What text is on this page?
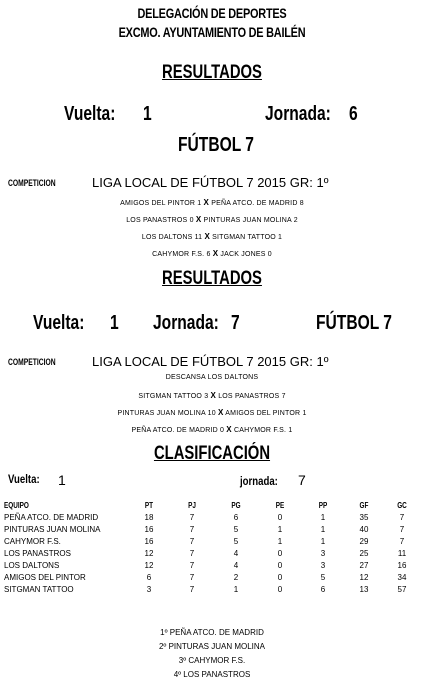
DELEGACIÓN DE DEPORTES
EXCMO. AYUNTAMIENTO DE BAILÉN
RESULTADOS
Vuelta: 1	Jornada: 6
FÚTBOL 7
COMPETICION	LIGA LOCAL DE FÚTBOL 7 2015 GR: 1º
AMIGOS DEL PINTOR 1 X PEÑA ATCO. DE MADRID 8
LOS PANASTROS 0 X PINTURAS JUAN MOLINA 2
LOS DALTONS 11 X SITGMAN TATTOO 1
CAHYMOR F.S. 6 X JACK JONES 0
RESULTADOS
Vuelta: 1 Jornada: 7	FÚTBOL 7
COMPETICION	LIGA LOCAL DE FÚTBOL 7 2015 GR: 1º
DESCANSA LOS DALTONS
SITGMAN TATTOO 3 X LOS PANASTROS 7
PINTURAS JUAN MOLINA 10 X AMIGOS DEL PINTOR 1
PEÑA ATCO. DE MADRID 0 X CAHYMOR F.S. 1
CLASIFICACIÓN
Vuelta: 1	jornada: 7
EQUIPO	PT	PJ	PG	PE	PP	GF	GC
PEÑA ATCO. DE MADRID	18	7	6	0	1	35	7
PINTURAS JUAN MOLINA	16	7	5	1	1	40	7
CAHYMOR F.S.	16	7	5	1	1	29	7
LOS PANASTROS	12	7	4	0	3	25	11
LOS DALTONS	12	7	4	0	3	27	16
AMIGOS DEL PINTOR	6	7	2	0	5	12	34
SITGMAN TATTOO	3	7	1	0	6	13	57
1º PEÑA ATCO. DE MADRID
2º PINTURAS JUAN MOLINA
3º CAHYMOR F.S.
4º LOS PANASTROS
